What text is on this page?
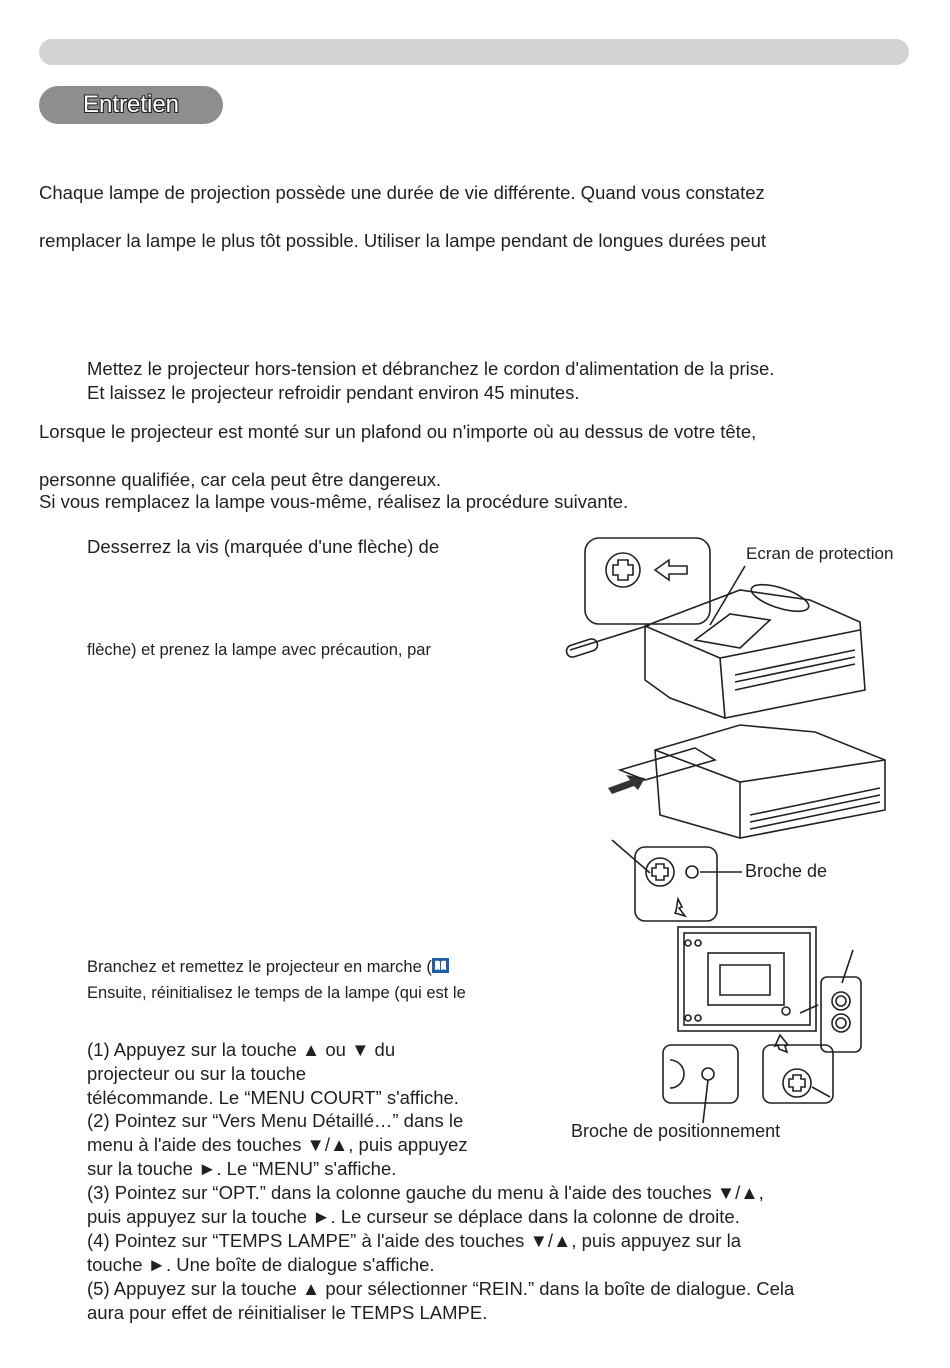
Entretien
Chaque lampe de projection possède une durée de vie différente. Quand vous constatez
remplacer la lampe le plus tôt possible. Utiliser la lampe pendant de longues durées peut
Mettez le projecteur hors-tension et débranchez le cordon d'alimentation de la prise.
Et laissez le projecteur refroidir pendant environ 45 minutes.
Lorsque le projecteur est monté sur un plafond ou n'importe où au dessus de votre tête,
personne qualifiée, car cela peut être dangereux.
Si vous remplacez la lampe vous-même, réalisez la procédure suivante.
Desserrez la vis (marquée d'une flèche) de
flèche) et prenez la lampe avec précaution, par
Branchez et remettez le projecteur en marche (
Ensuite, réinitialisez le temps de la lampe (qui est le
(1) Appuyez sur la touche ▲ ou ▼ du
projecteur ou sur la touche
télécommande. Le “MENU COURT” s'affiche.
(2) Pointez sur “Vers Menu Détaillé…” dans le
menu à l'aide des touches ▼/▲, puis appuyez
sur la touche ►. Le “MENU” s'affiche.
(3) Pointez sur “OPT.” dans la colonne gauche du menu à l'aide des touches ▼/▲,
puis appuyez sur la touche ►. Le curseur se déplace dans la colonne de droite.
(4) Pointez sur “TEMPS LAMPE” à l'aide des touches ▼/▲, puis appuyez sur la
touche ►. Une boîte de dialogue s'affiche.
(5) Appuyez sur la touche ▲ pour sélectionner “REIN.” dans la boîte de dialogue. Cela
aura pour effet de réinitialiser le TEMPS LAMPE.
Ecran de protection
Broche de
Broche de positionnement
